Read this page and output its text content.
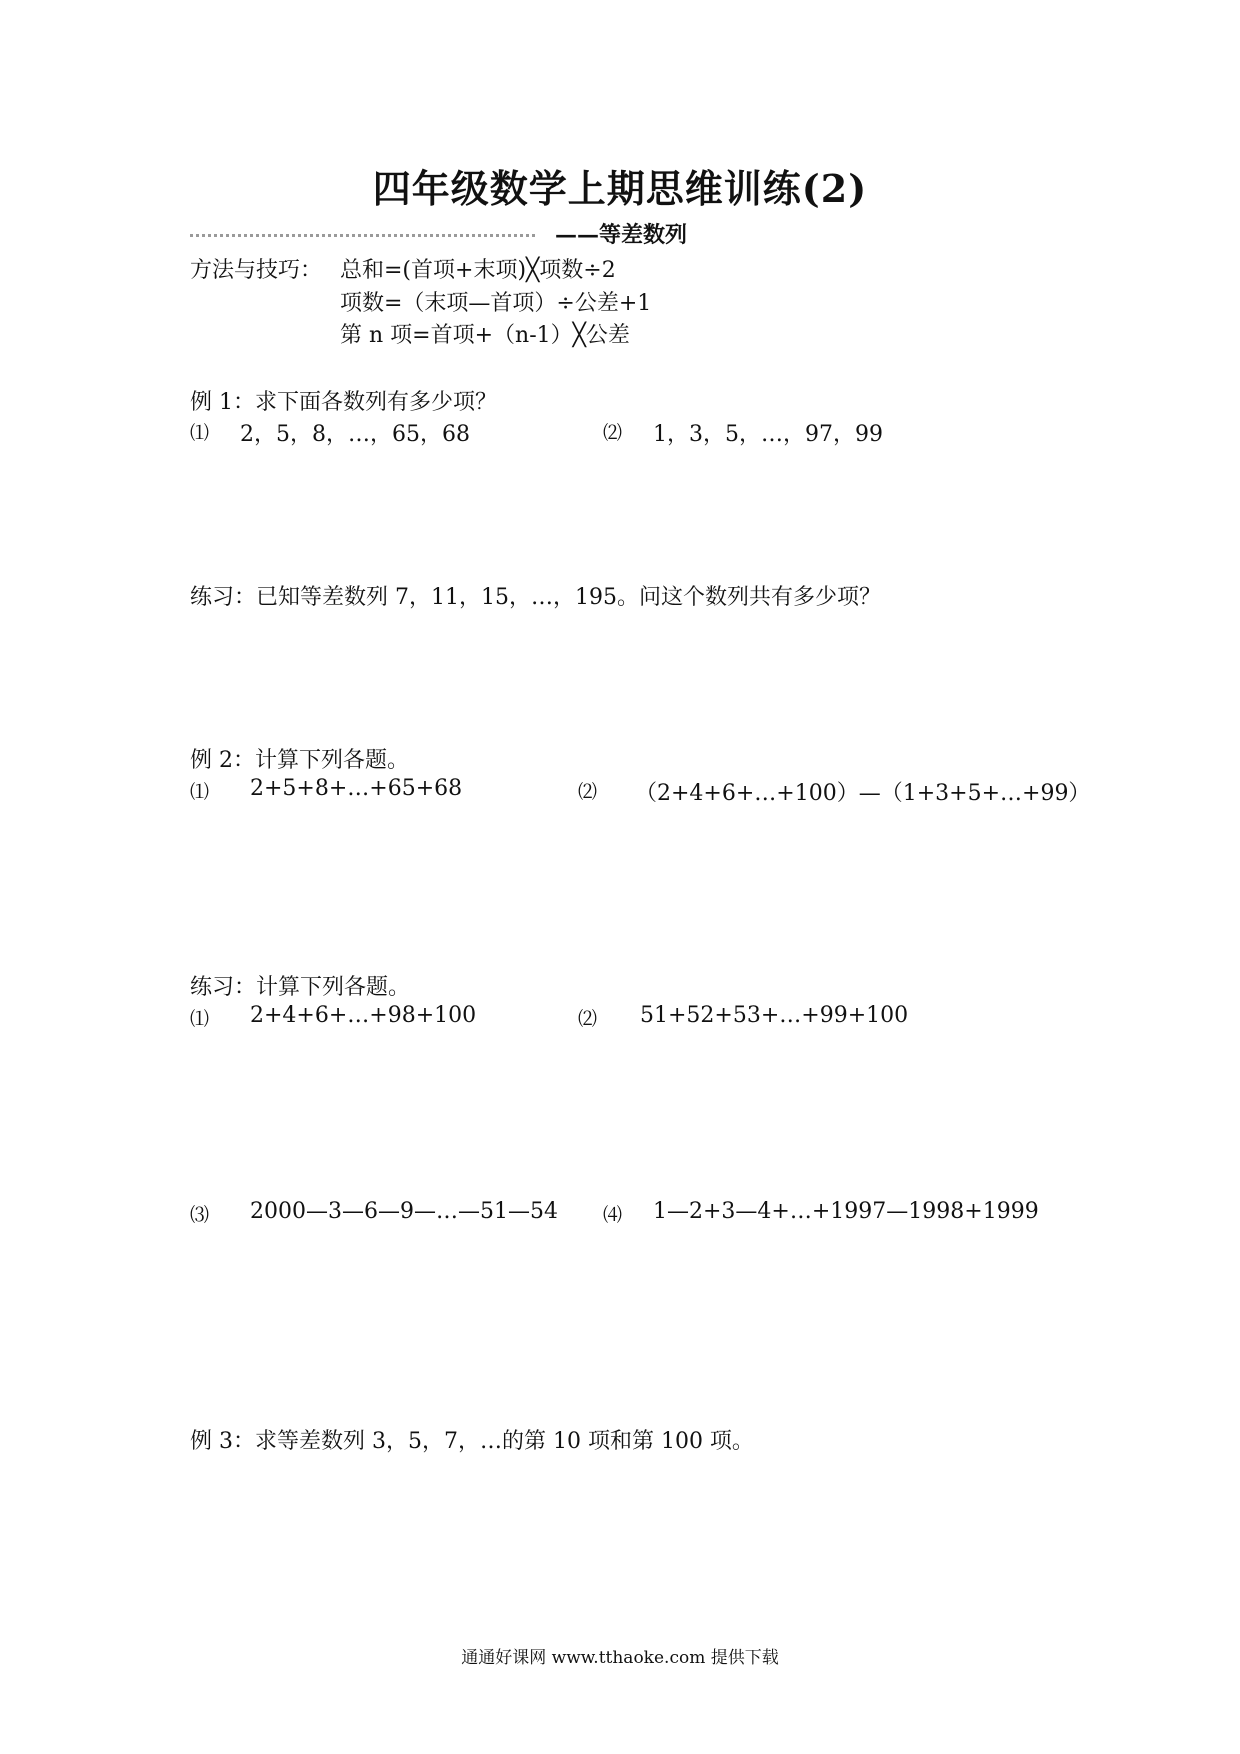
四年级数学上期思维训练(2)
——等差数列
方法与技巧： 总和=(首项+末项)╳项数÷2
项数=（末项—首项）÷公差+1
第 n 项=首项+（n-1）╳公差
例 1：求下面各数列有多少项？
⑴ 2，5，8，…，65，68	⑵ 1，3，5，…，97，99
练习：已知等差数列 7，11，15，…，195。问这个数列共有多少项？
例 2：计算下列各题。
⑴ 2+5+8+…+65+68	⑵ （2+4+6+…+100）—（1+3+5+…+99）
练习：计算下列各题。
⑴ 2+4+6+…+98+100	⑵ 51+52+53+…+99+100
⑶ 2000—3—6—9—…—51—54 ⑷ 1—2+3—4+…+1997—1998+1999
例 3：求等差数列 3，5，7，…的第 10 项和第 100 项。
通通好课网 www.tthaoke.com 提供下载
